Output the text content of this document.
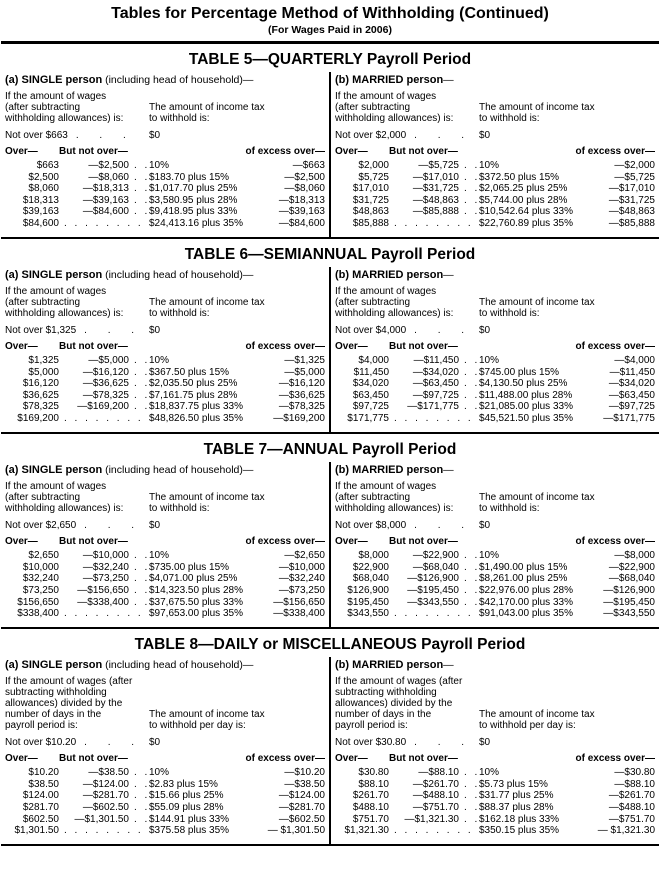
Tables for Percentage Method of Withholding (Continued)
(For Wages Paid in 2006)
TABLE 5—QUARTERLY Payroll Period
(a) SINGLE person (including head of household)—
If the amount of wages
(after subtracting
withholding allowances) is:
The amount of income tax
to withhold is:
Not over $663 . . .	$0
Over—	But not over—	of excess over—
$663	—$2,500 . . . 10%	—$663
$2,500	—$8,060 . . . $183.70 plus 15%	—$2,500
$8,060	—$18,313 . . . $1,017.70 plus 25%	—$8,060
$18,313	—$39,163 . . . $3,580.95 plus 28%	—$18,313
$39,163	—$84,600 . . . $9,418.95 plus 33%	—$39,163
$84,600 . . .	$24,413.16 plus 35%	—$84,600
(b) MARRIED person—
If the amount of wages
(after subtracting
withholding allowances) is:
The amount of income tax
to withhold is:
Not over $2,000 . . .	$0
Over—	But not over—	of excess over—
$2,000	—$5,725 . . . 10%	—$2,000
$5,725	—$17,010 . . . $372.50 plus 15%	—$5,725
$17,010	—$31,725 . . . $2,065.25 plus 25%	—$17,010
$31,725	—$48,863 . . . $5,744.00 plus 28%	—$31,725
$48,863	—$85,888 . . . $10,542.64 plus 33%	—$48,863
$85,888 . . .	$22,760.89 plus 35%	—$85,888
TABLE 6—SEMIANNUAL Payroll Period
(a) SINGLE person (including head of household)—
If the amount of wages
(after subtracting
withholding allowances) is:
The amount of income tax
to withhold is:
Not over $1,325 . . .	$0
Over—	But not over—	of excess over—
$1,325	—$5,000 . . . 10%	—$1,325
$5,000	—$16,120 . . . $367.50 plus 15%	—$5,000
$16,120	—$36,625 . . . $2,035.50 plus 25%	—$16,120
$36,625	—$78,325 . . . $7,161.75 plus 28%	—$36,625
$78,325	—$169,200 . . . $18,837.75 plus 33%	—$78,325
$169,200 . . .	$48,826.50 plus 35%	—$169,200
(b) MARRIED person—
If the amount of wages
(after subtracting
withholding allowances) is:
The amount of income tax
to withhold is:
Not over $4,000 . . .	$0
Over—	But not over—	of excess over—
$4,000	—$11,450 . . . 10%	—$4,000
$11,450	—$34,020 . . . $745.00 plus 15%	—$11,450
$34,020	—$63,450 . . . $4,130.50 plus 25%	—$34,020
$63,450	—$97,725 . . . $11,488.00 plus 28%	—$63,450
$97,725	—$171,775 . . . $21,085.00 plus 33%	—$97,725
$171,775 . . .	$45,521.50 plus 35%	—$171,775
TABLE 7—ANNUAL Payroll Period
(a) SINGLE person (including head of household)—
If the amount of wages
(after subtracting
withholding allowances) is:
The amount of income tax
to withhold is:
Not over $2,650 . . .	$0
Over—	But not over—	of excess over—
$2,650	—$10,000 . . . 10%	—$2,650
$10,000	—$32,240 . . . $735.00 plus 15%	—$10,000
$32,240	—$73,250 . . . $4,071.00 plus 25%	—$32,240
$73,250	—$156,650 . . . $14,323.50 plus 28%	—$73,250
$156,650	—$338,400 . . . $37,675.50 plus 33%	—$156,650
$338,400 . . .	$97,653.00 plus 35%	—$338,400
(b) MARRIED person—
If the amount of wages
(after subtracting
withholding allowances) is:
The amount of income tax
to withhold is:
Not over $8,000 . . .	$0
Over—	But not over—	of excess over—
$8,000	—$22,900 . . . 10%	—$8,000
$22,900	—$68,040 . . . $1,490.00 plus 15%	—$22,900
$68,040	—$126,900 . . . $8,261.00 plus 25%	—$68,040
$126,900	—$195,450 . . . $22,976.00 plus 28%	—$126,900
$195,450	—$343,550 . . . $42,170.00 plus 33%	—$195,450
$343,550 . . .	$91,043.00 plus 35%	—$343,550
TABLE 8—DAILY or MISCELLANEOUS Payroll Period
(a) SINGLE person (including head of household)—
If the amount of wages (after
subtracting withholding
allowances) divided by the
number of days in the
payroll period is:
The amount of income tax
to withhold per day is:
Not over $10.20 . . .	$0
Over—	But not over—	of excess over—
$10.20	—$38.50 . . . 10%	—$10.20
$38.50	—$124.00 . . . $2.83 plus 15%	—$38.50
$124.00	—$281.70 . . . $15.66 plus 25%	—$124.00
$281.70	—$602.50 . . . $55.09 plus 28%	—$281.70
$602.50	—$1,301.50 . . . $144.91 plus 33%	—$602.50
$1,301.50 . . .	$375.58 plus 35%	— $1,301.50
(b) MARRIED person—
If the amount of wages (after
subtracting withholding
allowances) divided by the
number of days in the
payroll period is:
The amount of income tax
to withhold per day is:
Not over $30.80 . . .	$0
Over—	But not over—	of excess over—
$30.80	—$88.10 . . . 10%	—$30.80
$88.10	—$261.70 . . . $5.73 plus 15%	—$88.10
$261.70	—$488.10 . . . $31.77 plus 25%	—$261.70
$488.10	—$751.70 . . . $88.37 plus 28%	—$488.10
$751.70	—$1,321.30 . . . $162.18 plus 33%	—$751.70
$1,321.30 . . .	$350.15 plus 35%	— $1,321.30
